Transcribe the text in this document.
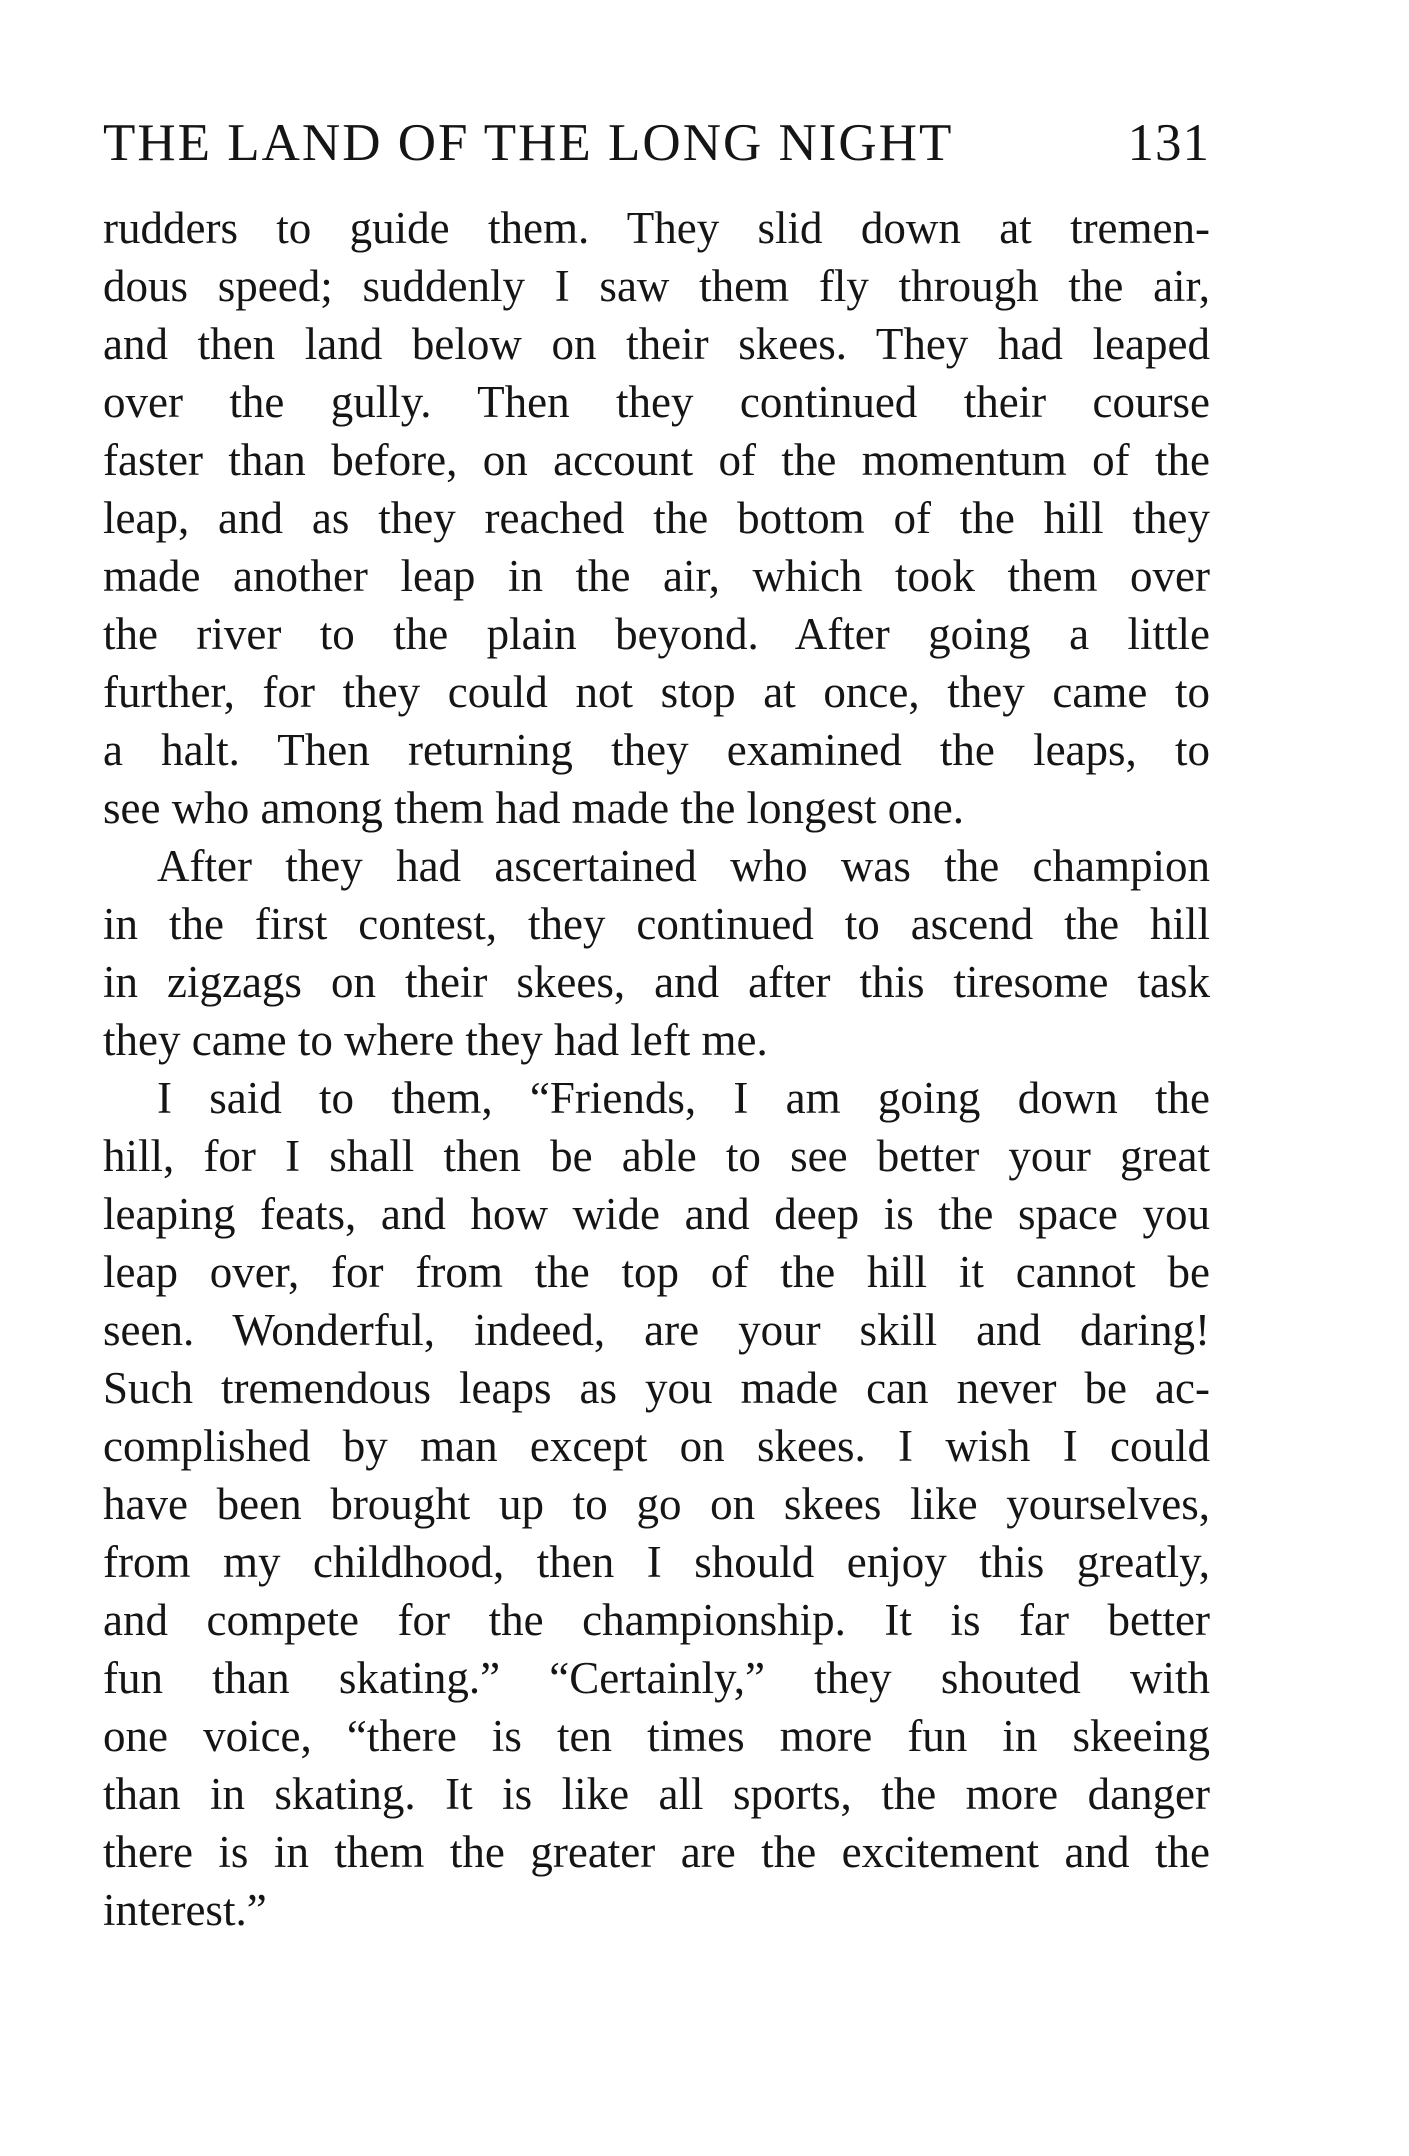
THE LAND OF THE LONG NIGHT	131
rudders to guide them. They slid down at tremen-
dous speed; suddenly I saw them fly through the air,
and then land below on their skees. They had leaped
over the gully. Then they continued their course
faster than before, on account of the momentum of the
leap, and as they reached the bottom of the hill they
made another leap in the air, which took them over
the river to the plain beyond. After going a little
further, for they could not stop at once, they came to
a halt. Then returning they examined the leaps, to
see who among them had made the longest one.
After they had ascertained who was the champion
in the first contest, they continued to ascend the hill
in zigzags on their skees, and after this tiresome task
they came to where they had left me.
I said to them, “Friends, I am going down the
hill, for I shall then be able to see better your great
leaping feats, and how wide and deep is the space you
leap over, for from the top of the hill it cannot be
seen. Wonderful, indeed, are your skill and daring!
Such tremendous leaps as you made can never be ac-
complished by man except on skees. I wish I could
have been brought up to go on skees like yourselves,
from my childhood, then I should enjoy this greatly,
and compete for the championship. It is far better
fun than skating.” “Certainly,” they shouted with
one voice, “there is ten times more fun in skeeing
than in skating. It is like all sports, the more danger
there is in them the greater are the excitement and the
interest.”
